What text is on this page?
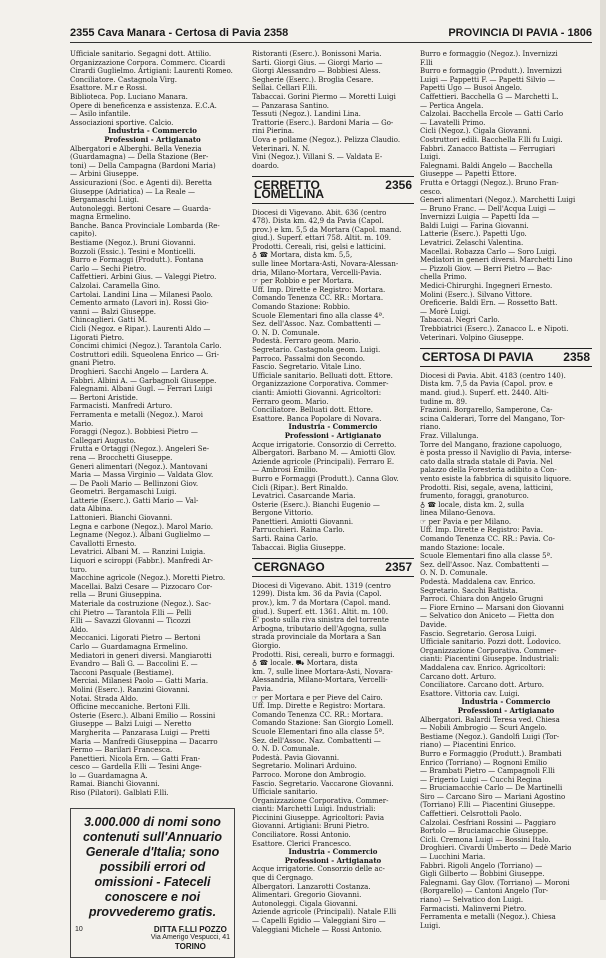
2355 Cava Manara - Certosa di Pavia 2358	PROVINCIA DI PAVIA - 1806
Ufficiale sanitario. Segagni dott. Attilio.
Organizzazione Corpora. Commerc. Cicardi
Cirardi Guglielmo. Artigiani: Laurenti Romeo.
Conciliatore. Castagnola Virg.
Esattore. M.r e Rossi.
Biblioteca. Pop. Luciano Manara.
Opere di beneficenza e assistenza. E.C.A.
— Asilo infantile.
Associazioni sportive. Calcio.
Industria - Commercio
Professioni - Artigianato
Albergatori e Alberghi. Bella Venezia
(Guardamagna) — Della Stazione (Ber-
toni) — Della Campagna (Bardoni Maria)
— Arbini Giuseppe.
Assicurazioni (Soc. e Agenti di). Beretta
Giuseppe (Adriatica) — La Reale —
Bergamaschi Luigi.
Autonoleggi. Bertoni Cesare — Guarda-
magna Ermelino.
Banche. Banca Provinciale Lombarda (Re-
capito).
Bestiame (Negoz.). Bruni Giovanni.
Bozzoli (Essic.). Tesini e Monticelli.
Burro e Formaggi (Produtt.). Fontana
Carlo — Sechi Pietro.
Caffettieri. Arbini Gius. — Valeggi Pietro.
Calzolai. Caramella Gino.
Cartolai. Landini Lina — Milanesi Paolo.
Cemento armato (Lavori in). Rossi Gio-
vanni — Balzi Giuseppe.
Chincaglieri. Gatti M.
Cicli (Negoz. e Ripar.). Laurenti Aldo —
Ligorati Pietro.
Concimi chimici (Negoz.). Tarantola Carlo.
Costruttori edili. Squeolena Enrico — Gri-
gnani Pietro.
Droghieri. Sacchi Angelo — Lardera A.
Fabbri. Albini A. — Garbagnoli Giuseppe.
Falegnami. Albani Gugl. — Ferrari Luigi
— Bertoni Aristide.
Farmacisti. Manfredi Arturo.
Ferramenta e metalli (Negoz.). Maroi
Mario.
Foraggi (Negoz.). Bobbiesi Pietro —
Callegari Augusto.
Frutta e Ortaggi (Negoz.). Angeleri Se-
rena — Brocchetti Giuseppe.
Generi alimentari (Negoz.). Mantovani
Maria — Massa Virginio — Valdata Glov.
— De Paoli Mario — Bellinzoni Giov.
Geometri. Bergamaschi Luigi.
Latterie (Eserc.). Gatti Mario — Val-
data Albina.
Lattonieri. Bianchi Giovanni.
Legna e carbone (Negoz.). Marol Mario.
Legname (Negoz.). Albani Guglielmo —
Cavallotti Ernesto.
Levatrici. Albani M. — Ranzini Luigia.
Liquori e sciroppi (Fabbr.). Manfredi Ar-
turo.
Macchine agricole (Negoz.). Moretti Pietro.
Macellai. Balzi Cesare — Pizzocaro Cor-
rella — Bruni Giuseppina.
Materiale da costruzione (Negoz.). Sac-
chi Pietro — Tarantola F.lli — Pelli
F.lli — Savazzi Glovanni — Ticozzi
Aldo.
Meccanici. Ligorati Pietro — Bertoni
Carlo — Guardamagna Ermelino.
Mediatori in generi diversi. Mangiarotti
Evandro — Balì G. — Baccolini E. —
Tacconi Pasquale (Bestiame).
Merciai. Milanesi Paolo — Gatti Maria.
Molini (Eserc.). Ranzini Giovanni.
Notai. Strada Aldo.
Officine meccaniche. Bertoni F.lli.
Osterie (Eserc.). Albani Emilio — Rossini
Giuseppe — Balzi Luigi — Neretto
Margherita — Panzarasa Luigi — Pretti
Maria — Manfredi Giuseppina — Dacarro
Fermo — Barilari Francesca.
Panettieri. Nicola Ern. — Gatti Fran-
cesco — Gardella F.lli — Tesini Ange-
lo — Guardamagna A.
Ramai. Bianchi Giovanni.
Riso (Pilatori). Galblati F.lli.
3.000.000 di nomi sono contenuti sull'Annuario Generale d'Italia; sono possibili errori od omissioni - Fateceli conoscere e noi provvederemo gratis.
10	DITTA F.LLI POZZO
Via Amerigo Vespucci, 41
TORINO
Ristoranti (Eserc.). Bonissoni Maria.
Sarti. Giorgi Gius. — Giorgi Mario —
Giorgi Alessandro — Bobbiesi Aless.
Segherie (Eserc.). Broglia Cesare.
Sellai. Cellari F.lli.
Tabaccai. Gorini Piermo — Moretti Luigi
— Panzarasa Santino.
Tessuti (Negoz.). Landini Lina.
Trattorie (Eserc.). Bardoni Maria — Go-
rini Pierina.
Uova e pollame (Negoz.). Pelizza Claudio.
Veterinari. N. N.
Vini (Negoz.). Villani S. — Valdata E-
doardo.
CERRETTO LOMELLINA
2356
Diocesi di Vigevano. Abit. 636 (centro
478). Dista km. 42,9 da Pavia (Capol.
prov.) e km. 5,5 da Mortara (Capol. mand.
giud.). Superf. ettari 758. Altit. m. 109.
Prodotti. Cereali, risi, gelsi e latticini.
♁ ☎ Mortara, dista km. 5,5,
sulle linee Mortara-Asti, Novara-Alessan-
dria, Milano-Mortara, Vercelli-Pavia.
☞ per Robbio e per Mortara.
Uff. Imp. Dirette e Registro: Mortara.
Comando Tenenza CC. RR.: Mortara.
Comando Stazione: Robbio.
Scuole Elementari fino alla classe 4ª.
Sez. dell'Assoc. Naz. Combattenti —
O. N. D. Comunale.
Podestà. Ferraro geom. Mario.
Segretario. Castagnola geom. Luigi.
Parroco. Passalmi don Secondo.
Fascio. Segretario. Vitale Lino.
Ufficiale sanitario. Belluati dott. Ettore.
Organizzazione Corporativa. Commer-
cianti: Amiotti Giovanni. Agricoltori:
Ferraro geom. Mario.
Conciliatore. Belluati dott. Ettore.
Esattore. Banca Popolare di Novara.
Industria - Commercio
Professioni - Artigianato
Acque irrigatorie. Consorzio di Cerretto.
Albergatori. Barbano M. — Amiotti Glov.
Aziende agricole (Principali). Ferraro E.
— Ambrosi Emilio.
Burro e Formaggi (Produtt.). Canna Glov.
Cicli (Ripar.). Bert Rinaldo.
Levatrici. Casarcande Maria.
Osterie (Eserc.). Bianchi Eugenio —
Bergone Vittorio.
Panettieri. Amiotti Giovanni.
Parrucchieri. Raina Carlo.
Sarti. Raina Carlo.
Tabaccai. Biglia Giuseppe.
CERGNAGO	2357
Diocesi di Vigevano. Abit. 1319 (centro
1299). Dista km. 36 da Pavia (Capol.
prov.), km. 7 da Mortara (Capol. mand.
giud.). Superf. ett. 1361. Altit. m. 100.
E' posto sulla riva sinistra del torrente
Arbogna, tributario dell'Agogna, sulla
strada provinciale da Mortara a San
Giorgio.
Prodotti. Risi, cereali, burro e formaggi.
♁ ☎ locale. ⛟ Mortara, dista
km. 7, sulle linee Mortara-Asti, Novara-
Alessandria, Milano-Mortara, Vercelli-
Pavia.
☞ per Mortara e per Pieve del Cairo.
Uff. Imp. Dirette e Registro: Mortara.
Comando Tenenza CC. RR.: Mortara.
Comando Stazione: San Giorgio Lomell.
Scuole Elementari fino alla classe 5ª.
Sez. dell'Assoc. Naz. Combattenti —
O. N. D. Comunale.
Podestà. Pavia Giovanni.
Segretario. Molinari Arduino.
Parroco. Morone don Ambrogio.
Fascio. Segretario. Vaccarone Giovanni.
Ufficiale sanitario.
Organizzazione Corporativa. Commer-
cianti: Marchetti Luigi. Industriali:
Piccinini Giuseppe. Agricoltori: Pavia
Giovanni. Artigiani: Bruni Pietro.
Conciliatore. Rossi Antonio.
Esattore. Clerici Francesco.
Industria - Commercio
Professioni - Artigianato
Acque irrigatorie. Consorzio delle ac-
que di Cergnago.
Albergatori. Lanzarotti Costanza.
Alimentari. Gregorio Giovanni.
Autonoleggi. Cigala Giovanni.
Aziende agricole (Principali). Natale F.lli
— Capelli Egidio — Valeggiani Siro —
Valeggiani Michele — Rossi Antonio.
Burro e formaggio (Negoz.). Invernizzi
F.lli
Burro e formaggio (Produtt.). Invernizzi
Luigi — Pappetti F. — Papetti Silvio —
Papetti Ugo — Busoi Angelo.
Caffettieri. Bacchella G — Marchetti L.
— Pertica Angela.
Calzolai. Bacchella Ercole — Gatti Carlo
— Lavatelli Primo.
Cicli (Negoz.). Cigala Giovanni.
Costruttori edili. Bacchella F.lli fu Luigi.
Fabbri. Zanacco Battista — Ferrugiari
Luigi.
Falegnami. Baldi Angelo — Bacchella
Giuseppe — Papetti Ettore.
Frutta e Ortaggi (Negoz.). Bruno Fran-
cesco.
Generi alimentari (Negoz.). Marchetti Luigi
— Bruno Franc. — Dell'Acqua Luigi —
Invernizzi Luigia — Papetti Ida —
Baldi Luigi — Farina Giovanni.
Latterie (Eserc.). Papetti Ugo.
Levatrici. Zelaschi Valentina.
Macellai. Robazza Carlo — Soro Luigi.
Mediatori in generi diversi. Marchetti Lino
— Pizzoli Giov. — Berri Pietro — Bac-
chella Primo.
Medici-Chirurghi. Ingegneri Ernesto.
Molini (Eserc.). Silvano Vittore.
Oreficerie. Baldi Ern. — Rossetto Batt.
— Morè Luigi.
Tabaccai. Negri Carlo.
Trebbiatrici (Eserc.). Zanacco L. e Nipoti.
Veterinari. Volpino Giuseppe.
CERTOSA DI PAVIA 2358
Diocesi di Pavia. Abit. 4183 (centro 140).
Dista km. 7,5 da Pavia (Capol. prov. e
mand. giud.). Superf. ett. 2440. Alti-
tudine m. 89.
Frazioni. Borgarello, Samperone, Ca-
scina Calderari, Torre del Mangano, Tor-
riano.
Fraz. Villalunga.
Torre del Mangano, frazione capoluogo,
è posta presso il Naviglio di Pavia, interse-
cato dalla strada statale di Pavia. Nel
palazzo della Foresteria adibito a Con-
vento esiste la fabbrica di squisito liquore.
Prodotti. Risi, segale, avena, latticini,
frumento, foraggi, granoturco.
♁ ☎ locale, dista km. 2, sulla
linea Milano-Genova.
☞ per Pavia e per Milano.
Uff. Imp. Dirette e Registro: Pavia.
Comando Tenenza CC. RR.: Pavia. Co-
mando Stazione: locale.
Scuole Elementari fino alla classe 5ª.
Sez. dell'Assoc. Naz. Combattenti —
O. N. D. Comunale.
Podestà. Maddalena cav. Enrico.
Segretario. Sacchi Battista.
Parroci. Chiara don Angelo Grugni
— Fiore Ernino — Marsani don Giovanni
— Selvatico don Aniceto — Fietta don
Davide.
Fascio. Segretario. Gerosa Luigi.
Ufficiale sanitario. Pozzi dott. Lodovico.
Organizzazione Corporativa. Commer-
cianti: Piacentini Giuseppe. Industriali:
Maddalena cav. Enrico. Agricoltori:
Carcano dott. Arturo.
Conciliatore. Carcano dott. Arturo.
Esattore. Vittoria cav. Luigi.
Industria - Commercio
Professioni - Artigianato
Albergatori. Balardi Teresa ved. Chiesa
— Nobili Ambrogio — Scuri Angelo.
Bestiame (Negoz.). Gandolfi Luigi (Tor-
riano) — Piacentini Enrico.
Burro e Formaggio (Produtt.). Brambati
Enrico (Torriano) — Rognoni Emilio
— Brambati Pietro — Campagnoli F.lli
— Frigerio Luigi — Cucchi Regina
— Bruciamacchie Carlo — De Martinelli
Siro — Carcano Siro — Mariani Agostino
(Torriano) F.lli — Piacentini Giuseppe.
Caffettieri. Celsrottoli Paolo.
Calzolai. Cesfriani Rossini — Paggiaro
Bortolo — Bruciamacchie Giuseppe.
Cicli. Cremona Luigi — Bossini Italo.
Droghieri. Civardi Umberto — Dedè Mario
— Lucchini Maria.
Fabbri. Rigoli Angelo (Torriano) —
Gigli Gilberto — Bobbini Giuseppe.
Falegnami. Gay Glov. (Torriano) — Moroni
(Borgarello) — Cantoni Angelo (Tor-
riano) — Selvatico don Luigi.
Farmacisti. Malinverni Pietro.
Ferramenta e metalli (Negoz.). Chiesa
Luigi.
